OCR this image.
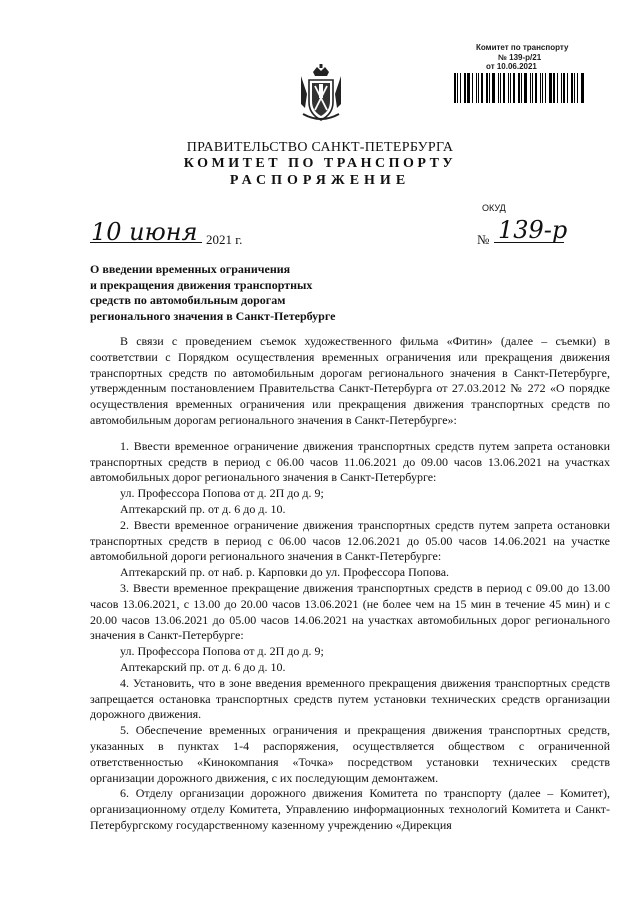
Комитет по транспорту
№ 139-р/21
от 10.06.2021
ПРАВИТЕЛЬСТВО САНКТ-ПЕТЕРБУРГА
КОМИТЕТ ПО ТРАНСПОРТУ
РАСПОРЯЖЕНИЕ
ОКУД
10 июня 2021 г.	№ 139-р
О введении временных ограничения
и прекращения движения транспортных
средств по автомобильным дорогам
регионального значения в Санкт-Петербурге

В связи с проведением съемок художественного фильма «Фитин» (далее – съемки) в соответствии с Порядком осуществления временных ограничения или прекращения движения транспортных средств по автомобильным дорогам регионального значения в Санкт-Петербурге, утвержденным постановлением Правительства Санкт-Петербурга от 27.03.2012 № 272 «О порядке осуществления временных ограничения или прекращения движения транспортных средств по автомобильным дорогам регионального значения в Санкт-Петербурге»:

1. Ввести временное ограничение движения транспортных средств путем запрета остановки транспортных средств в период с 06.00 часов 11.06.2021 до 09.00 часов 13.06.2021 на участках автомобильных дорог регионального значения в Санкт-Петербурге:

ул. Профессора Попова от д. 2П до д. 9;

Аптекарский пр. от д. 6 до д. 10.

2. Ввести временное ограничение движения транспортных средств путем запрета остановки транспортных средств в период с 06.00 часов 12.06.2021 до 05.00 часов 14.06.2021 на участке автомобильной дороги регионального значения в Санкт-Петербурге:

Аптекарский пр. от наб. р. Карповки до ул. Профессора Попова.

3. Ввести временное прекращение движения транспортных средств в период с 09.00 до 13.00 часов 13.06.2021, с 13.00 до 20.00 часов 13.06.2021 (не более чем на 15 мин в течение 45 мин) и с 20.00 часов 13.06.2021 до 05.00 часов 14.06.2021 на участках автомобильных дорог регионального значения в Санкт-Петербурге:

ул. Профессора Попова от д. 2П до д. 9;

Аптекарский пр. от д. 6 до д. 10.

4. Установить, что в зоне введения временного прекращения движения транспортных средств запрещается остановка транспортных средств путем установки технических средств организации дорожного движения.

5. Обеспечение временных ограничения и прекращения движения транспортных средств, указанных в пунктах 1-4 распоряжения, осуществляется обществом с ограниченной ответственностью «Кинокомпания «Точка» посредством установки технических средств организации дорожного движения, с их последующим демонтажем.

6. Отделу организации дорожного движения Комитета по транспорту (далее – Комитет), организационному отделу Комитета, Управлению информационных технологий Комитета и Санкт-Петербургскому государственному казенному учреждению «Дирекция
